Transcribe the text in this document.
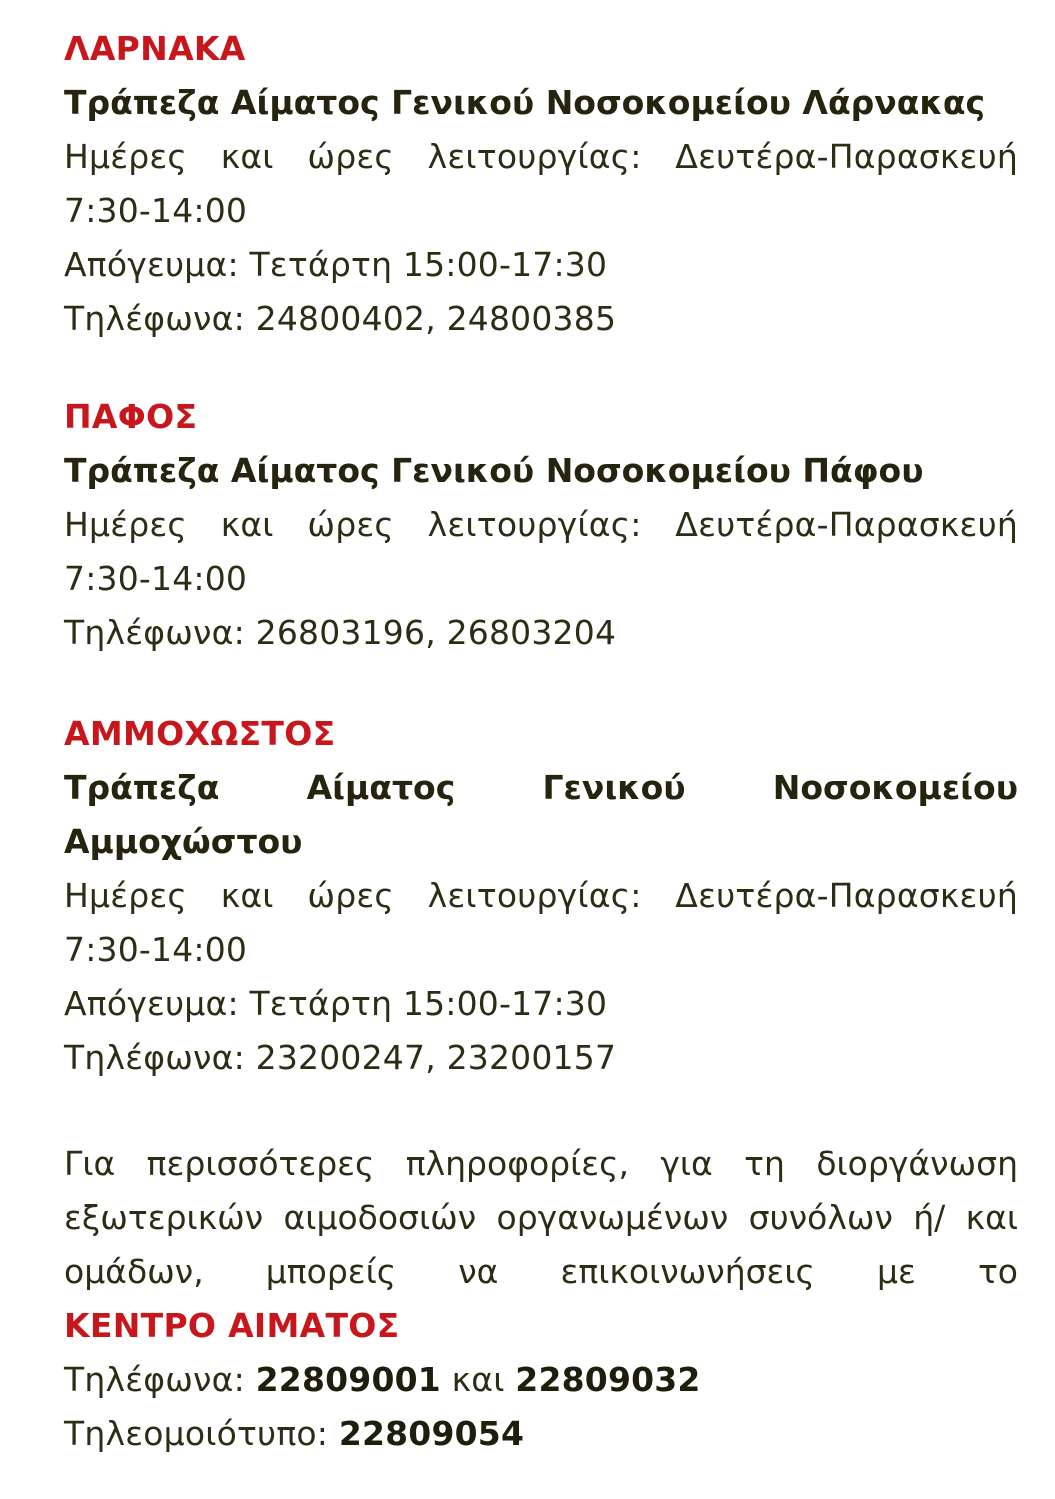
ΛΑΡΝΑΚΑ
Τράπεζα Αίματος Γενικού Νοσοκομείου Λάρνακας
Ημέρες και ώρες λειτουργίας: Δευτέρα-Παρασκευή 7:30-14:00
Απόγευμα: Τετάρτη 15:00-17:30
Τηλέφωνα: 24800402, 24800385
ΠΑΦΟΣ
Τράπεζα Αίματος Γενικού Νοσοκομείου Πάφου
Ημέρες και ώρες λειτουργίας: Δευτέρα-Παρασκευή 7:30-14:00
Τηλέφωνα: 26803196, 26803204
ΑΜΜΟΧΩΣΤΟΣ
Τράπεζα Αίματος Γενικού Νοσοκομείου Αμμοχώστου
Ημέρες και ώρες λειτουργίας: Δευτέρα-Παρασκευή 7:30-14:00
Απόγευμα: Τετάρτη 15:00-17:30
Τηλέφωνα: 23200247, 23200157
Για περισσότερες πληροφορίες, για τη διοργάνωση εξωτερικών αιμοδοσιών οργανωμένων συνόλων ή/ και ομάδων, μπορείς να επικοινωνήσεις με το
ΚΕΝΤΡΟ ΑΙΜΑΤΟΣ
Τηλέφωνα: 22809001 και 22809032
Τηλεομοιότυπο: 22809054
